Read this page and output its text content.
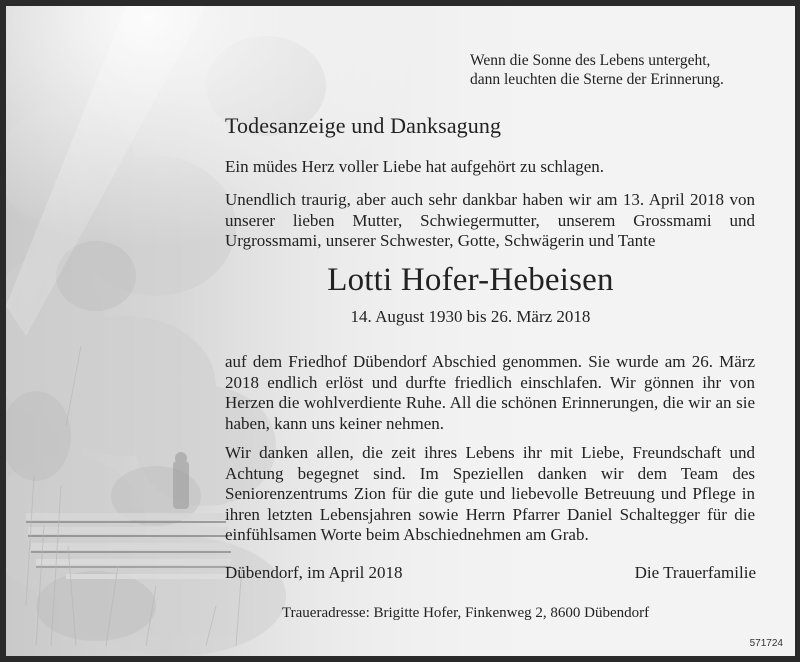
Wenn die Sonne des Lebens untergeht,
dann leuchten die Sterne der Erinnerung.
Todesanzeige und Danksagung
Ein müdes Herz voller Liebe hat aufgehört zu schlagen.
Unendlich traurig, aber auch sehr dankbar haben wir am 13. April 2018 von unserer lieben Mutter, Schwiegermutter, unserem Grossmami und Urgrossmami, unserer Schwester, Gotte, Schwägerin und Tante
Lotti Hofer-Hebeisen
14. August 1930 bis 26. März 2018
auf dem Friedhof Dübendorf Abschied genommen. Sie wurde am 26. März 2018 endlich erlöst und durfte friedlich einschlafen. Wir gönnen ihr von Herzen die wohlverdiente Ruhe. All die schönen Erinnerungen, die wir an sie haben, kann uns keiner nehmen.
Wir danken allen, die zeit ihres Lebens ihr mit Liebe, Freundschaft und Achtung begegnet sind. Im Speziellen danken wir dem Team des Seniorenzentrums Zion für die gute und liebevolle Betreuung und Pflege in ihren letzten Lebensjahren sowie Herrn Pfarrer Daniel Schaltegger für die einfühlsamen Worte beim Abschiednehmen am Grab.
Dübendorf, im April 2018	Die Trauerfamilie
Traueradresse: Brigitte Hofer, Finkenweg 2, 8600 Dübendorf
571724
